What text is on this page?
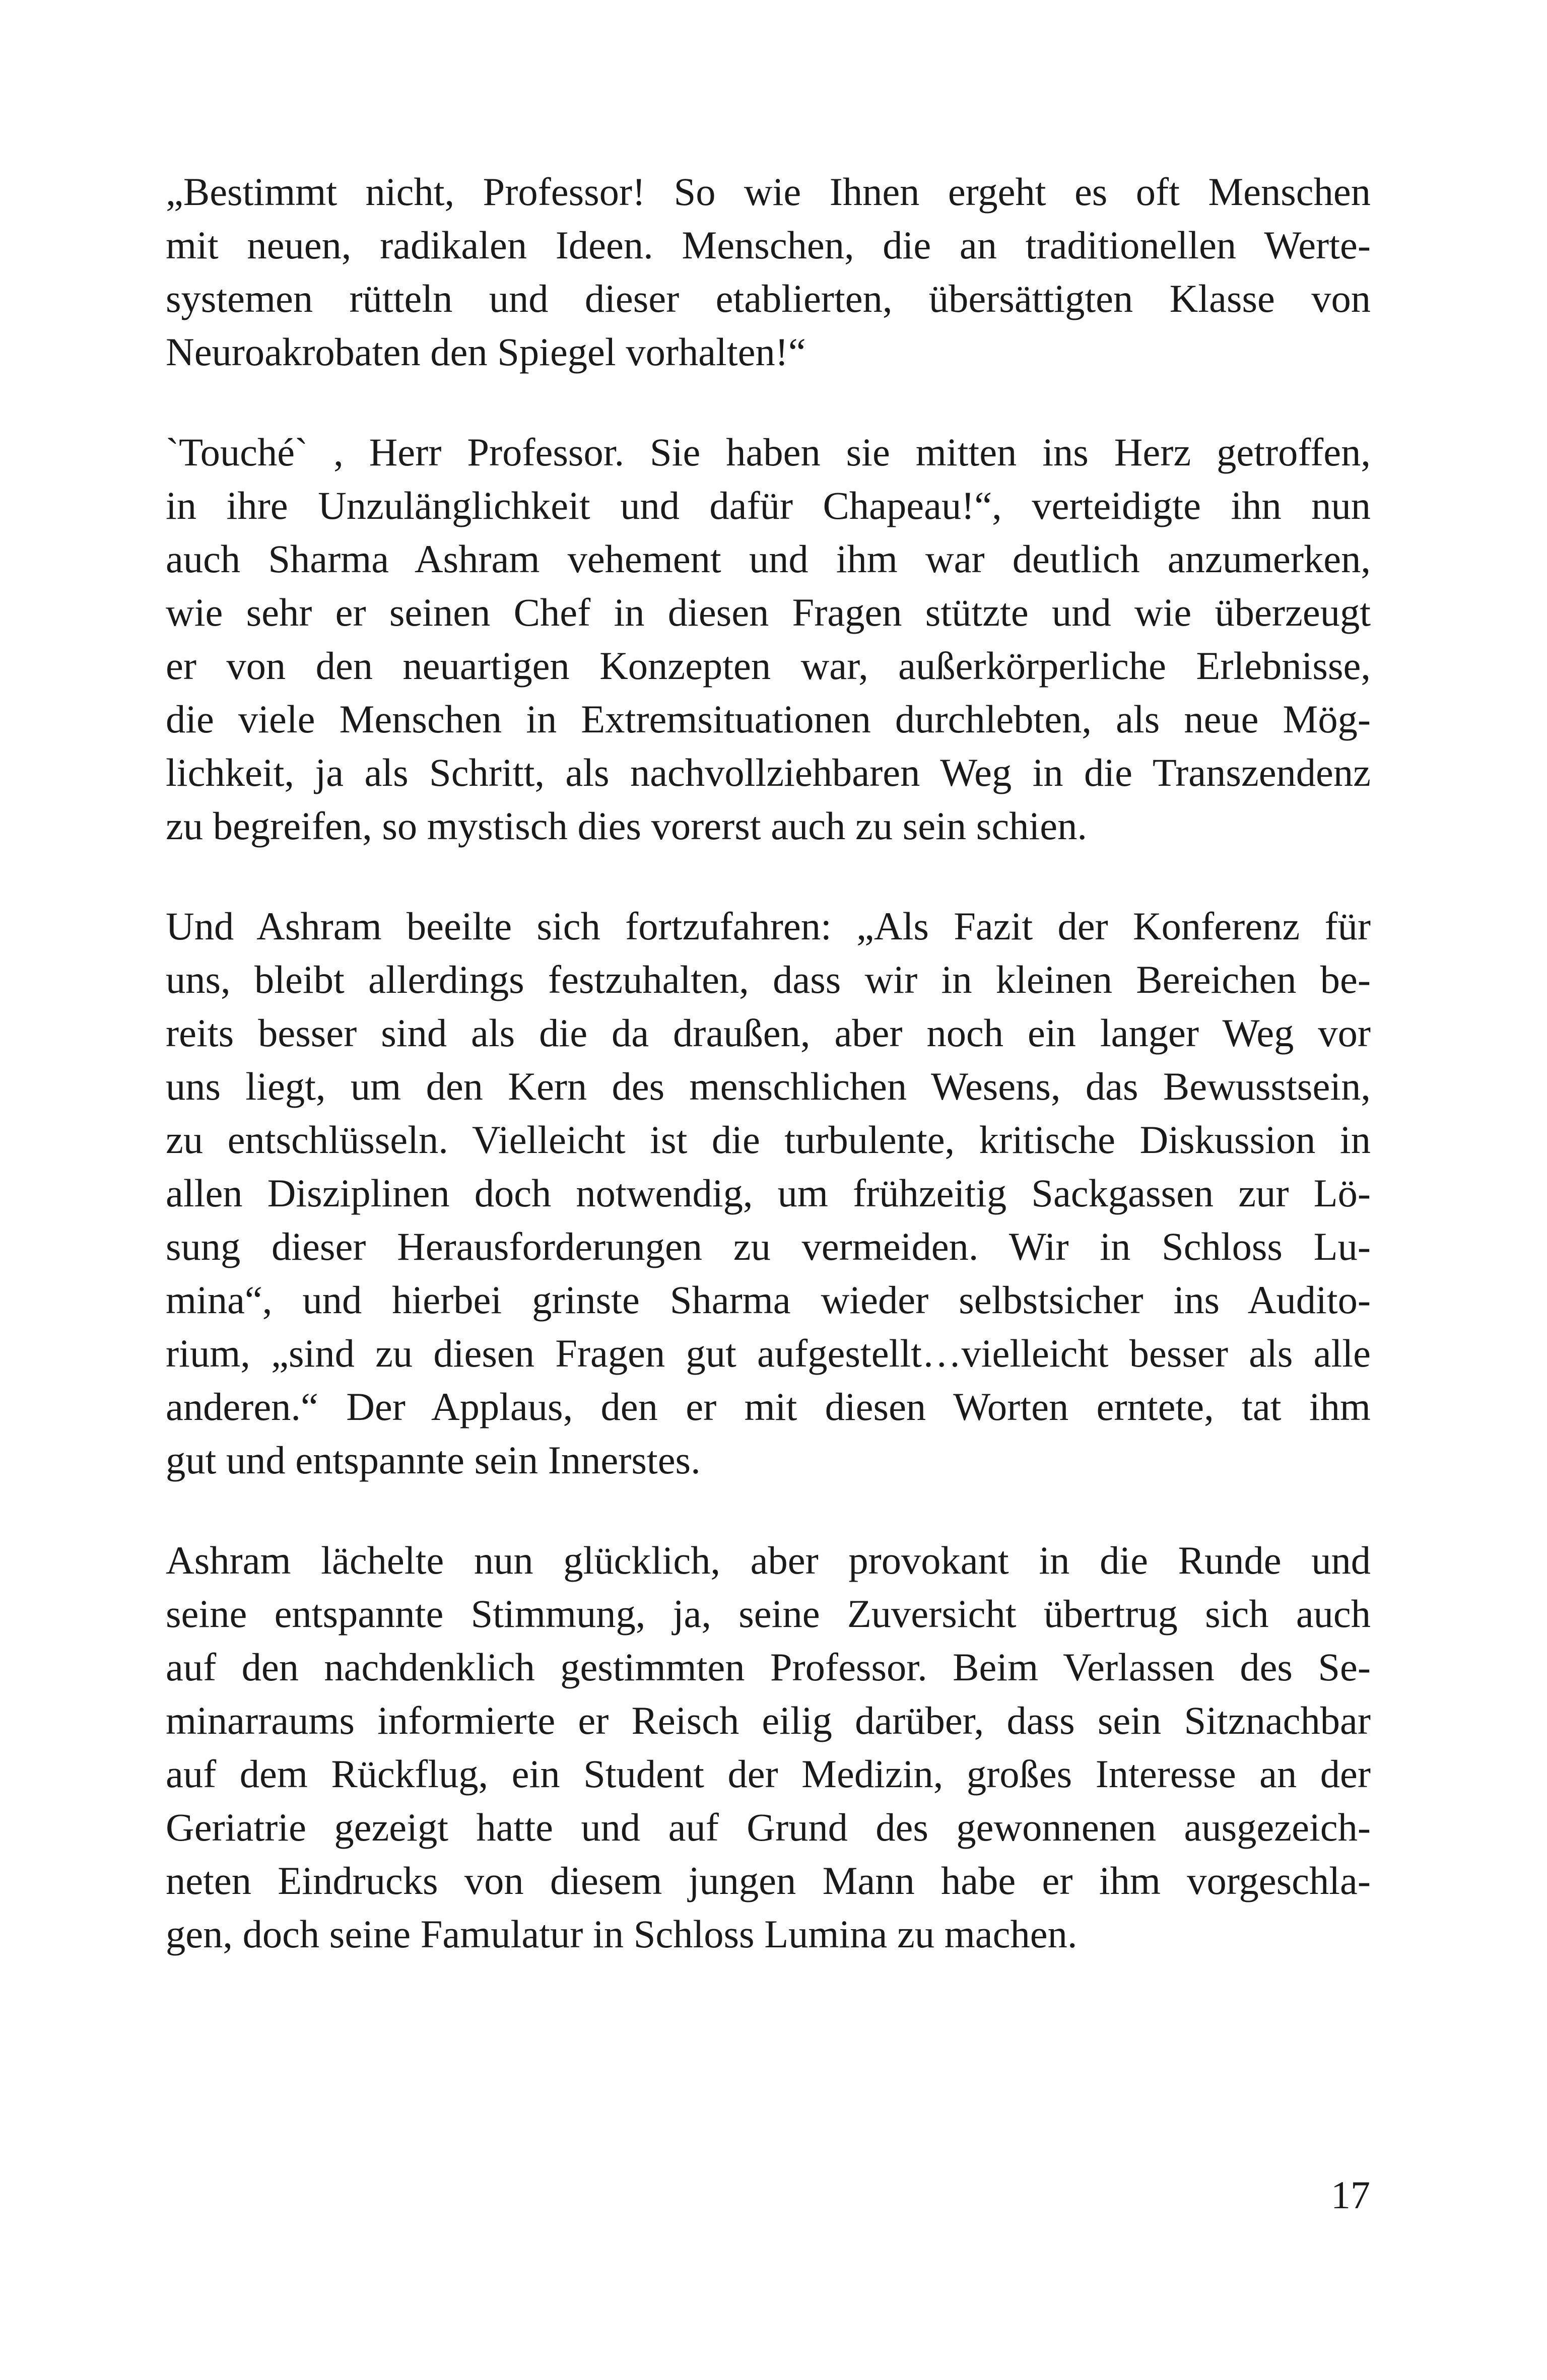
„Bestimmt nicht, Professor! So wie Ihnen ergeht es oft Menschen
mit neuen, radikalen Ideen. Menschen, die an traditionellen Werte-
systemen rütteln und dieser etablierten, übersättigten Klasse von
Neuroakrobaten den Spiegel vorhalten!“

`Touché` , Herr Professor. Sie haben sie mitten ins Herz getroffen,
in ihre Unzulänglichkeit und dafür Chapeau!“, verteidigte ihn nun
auch Sharma Ashram vehement und ihm war deutlich anzumerken,
wie sehr er seinen Chef in diesen Fragen stützte und wie überzeugt
er von den neuartigen Konzepten war, außerkörperliche Erlebnisse,
die viele Menschen in Extremsituationen durchlebten, als neue Mög-
lichkeit, ja als Schritt, als nachvollziehbaren Weg in die Transzendenz
zu begreifen, so mystisch dies vorerst auch zu sein schien.

Und Ashram beeilte sich fortzufahren: „Als Fazit der Konferenz für
uns, bleibt allerdings festzuhalten, dass wir in kleinen Bereichen be-
reits besser sind als die da draußen, aber noch ein langer Weg vor
uns liegt, um den Kern des menschlichen Wesens, das Bewusstsein,
zu entschlüsseln. Vielleicht ist die turbulente, kritische Diskussion in
allen Disziplinen doch notwendig, um frühzeitig Sackgassen zur Lö-
sung dieser Herausforderungen zu vermeiden. Wir in Schloss Lu-
mina“, und hierbei grinste Sharma wieder selbstsicher ins Audito-
rium, „sind zu diesen Fragen gut aufgestellt…vielleicht besser als alle
anderen.“ Der Applaus, den er mit diesen Worten erntete, tat ihm
gut und entspannte sein Innerstes.

Ashram lächelte nun glücklich, aber provokant in die Runde und
seine entspannte Stimmung, ja, seine Zuversicht übertrug sich auch
auf den nachdenklich gestimmten Professor. Beim Verlassen des Se-
minarraums informierte er Reisch eilig darüber, dass sein Sitznachbar
auf dem Rückflug, ein Student der Medizin, großes Interesse an der
Geriatrie gezeigt hatte und auf Grund des gewonnenen ausgezeich-
neten Eindrucks von diesem jungen Mann habe er ihm vorgeschla-
gen, doch seine Famulatur in Schloss Lumina zu machen.

17
